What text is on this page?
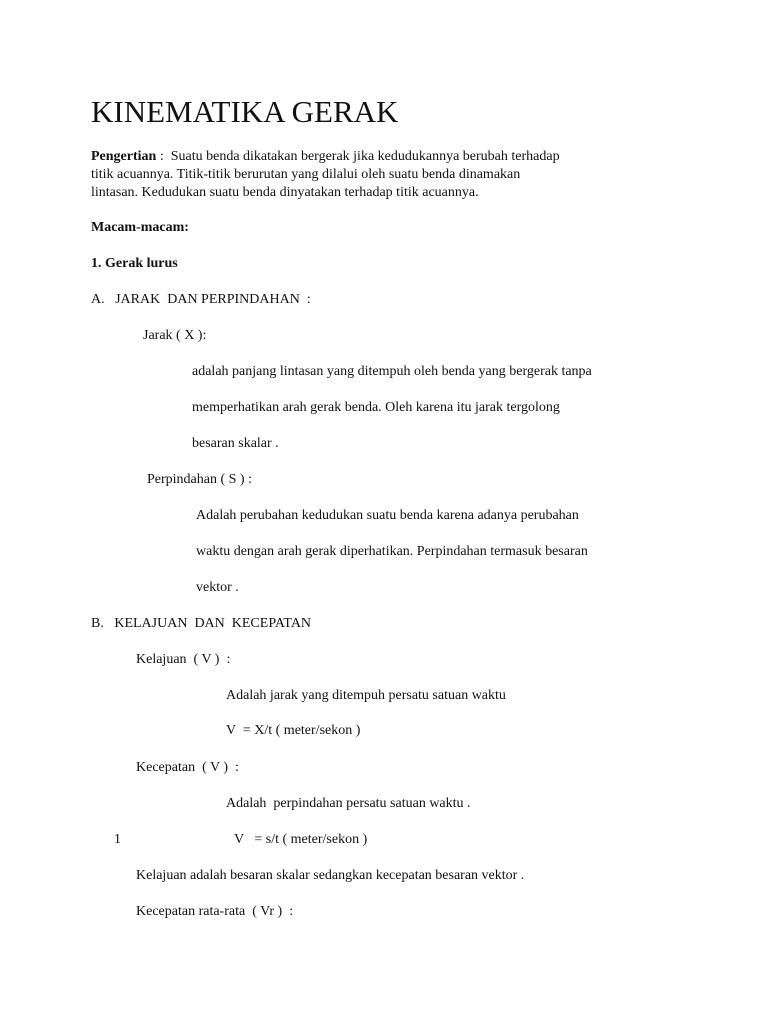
KINEMATIKA GERAK
Pengertian :  Suatu benda dikatakan bergerak jika kedudukannya berubah terhadap
titik acuannya. Titik-titik berurutan yang dilalui oleh suatu benda dinamakan
lintasan. Kedudukan suatu benda dinyatakan terhadap titik acuannya.
Macam-macam:
1. Gerak lurus
A.   JARAK  DAN PERPINDAHAN  :
Jarak ( X ):
adalah panjang lintasan yang ditempuh oleh benda yang bergerak tanpa
memperhatikan arah gerak benda. Oleh karena itu jarak tergolong
besaran skalar .
Perpindahan ( S ) :
Adalah perubahan kedudukan suatu benda karena adanya perubahan
waktu dengan arah gerak diperhatikan. Perpindahan termasuk besaran
vektor .
B.   KELAJUAN  DAN  KECEPATAN
Kelajuan  ( V )  :
Adalah jarak yang ditempuh persatu satuan waktu
V  = X/t ( meter/sekon )
Kecepatan  ( V )  :
Adalah  perpindahan persatu satuan waktu .
1	V   = s/t ( meter/sekon )
Kelajuan adalah besaran skalar sedangkan kecepatan besaran vektor .
Kecepatan rata-rata  ( Vr )  :
